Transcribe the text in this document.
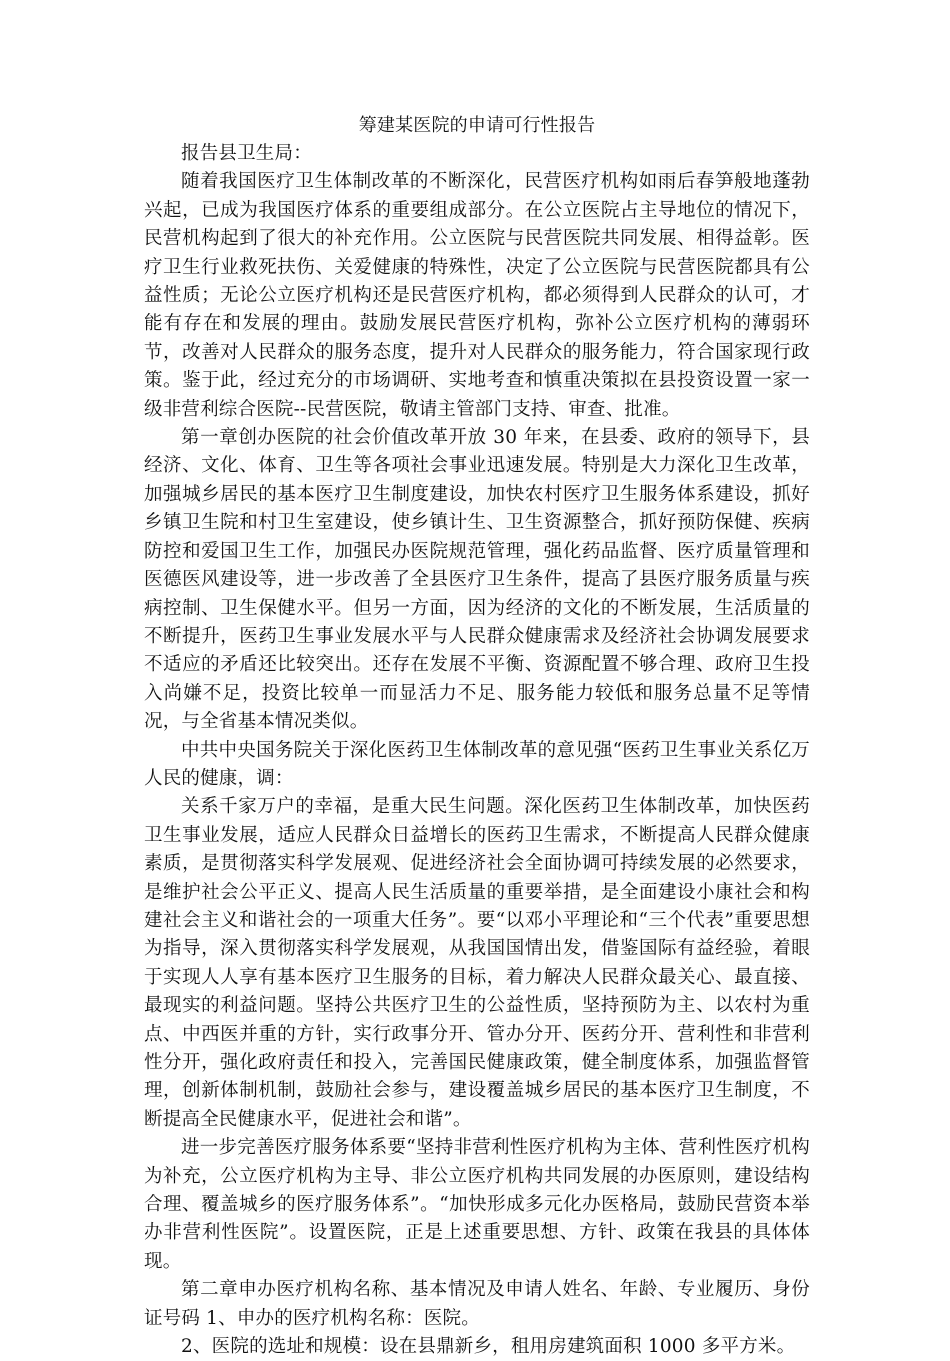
筹建某医院的申请可行性报告

报告县卫生局：

随着我国医疗卫生体制改革的不断深化，民营医疗机构如雨后春笋般地蓬勃兴起，已成为我国医疗体系的重要组成部分。在公立医院占主导地位的情况下，民营机构起到了很大的补充作用。公立医院与民营医院共同发展、相得益彰。医疗卫生行业救死扶伤、关爱健康的特殊性，决定了公立医院与民营医院都具有公益性质；无论公立医疗机构还是民营医疗机构，都必须得到人民群众的认可，才能有存在和发展的理由。鼓励发展民营医疗机构，弥补公立医疗机构的薄弱环节，改善对人民群众的服务态度，提升对人民群众的服务能力，符合国家现行政策。鉴于此，经过充分的市场调研、实地考查和慎重决策拟在县投资设置一家一级非营利综合医院--民营医院，敬请主管部门支持、审查、批准。

第一章创办医院的社会价值改革开放 30 年来，在县委、政府的领导下，县经济、文化、体育、卫生等各项社会事业迅速发展。特别是大力深化卫生改革，加强城乡居民的基本医疗卫生制度建设，加快农村医疗卫生服务体系建设，抓好乡镇卫生院和村卫生室建设，使乡镇计生、卫生资源整合，抓好预防保健、疾病防控和爱国卫生工作，加强民办医院规范管理，强化药品监督、医疗质量管理和医德医风建设等，进一步改善了全县医疗卫生条件，提高了县医疗服务质量与疾病控制、卫生保健水平。但另一方面，因为经济的文化的不断发展，生活质量的不断提升，医药卫生事业发展水平与人民群众健康需求及经济社会协调发展要求不适应的矛盾还比较突出。还存在发展不平衡、资源配置不够合理、政府卫生投入尚嫌不足，投资比较单一而显活力不足、服务能力较低和服务总量不足等情况，与全省基本情况类似。

中共中央国务院关于深化医药卫生体制改革的意见强“医药卫生事业关系亿万人民的健康，调：

关系千家万户的幸福，是重大民生问题。深化医药卫生体制改革，加快医药卫生事业发展，适应人民群众日益增长的医药卫生需求，不断提高人民群众健康素质，是贯彻落实科学发展观、促进经济社会全面协调可持续发展的必然要求，是维护社会公平正义、提高人民生活质量的重要举措，是全面建设小康社会和构建社会主义和谐社会的一项重大任务”。要“以邓小平理论和“三个代表”重要思想为指导，深入贯彻落实科学发展观，从我国国情出发，借鉴国际有益经验，着眼于实现人人享有基本医疗卫生服务的目标，着力解决人民群众最关心、最直接、最现实的利益问题。坚持公共医疗卫生的公益性质，坚持预防为主、以农村为重点、中西医并重的方针，实行政事分开、管办分开、医药分开、营利性和非营利性分开，强化政府责任和投入，完善国民健康政策，健全制度体系，加强监督管理，创新体制机制，鼓励社会参与，建设覆盖城乡居民的基本医疗卫生制度，不断提高全民健康水平，促进社会和谐”。

进一步完善医疗服务体系要“坚持非营利性医疗机构为主体、营利性医疗机构为补充，公立医疗机构为主导、非公立医疗机构共同发展的办医原则，建设结构合理、覆盖城乡的医疗服务体系”。“加快形成多元化办医格局，鼓励民营资本举办非营利性医院”。设置医院，正是上述重要思想、方针、政策在我县的具体体现。

第二章申办医疗机构名称、基本情况及申请人姓名、年龄、专业履历、身份证号码 1、申办的医疗机构名称：医院。

2、医院的选址和规模：设在县鼎新乡，租用房建筑面积 1000 多平方米。
